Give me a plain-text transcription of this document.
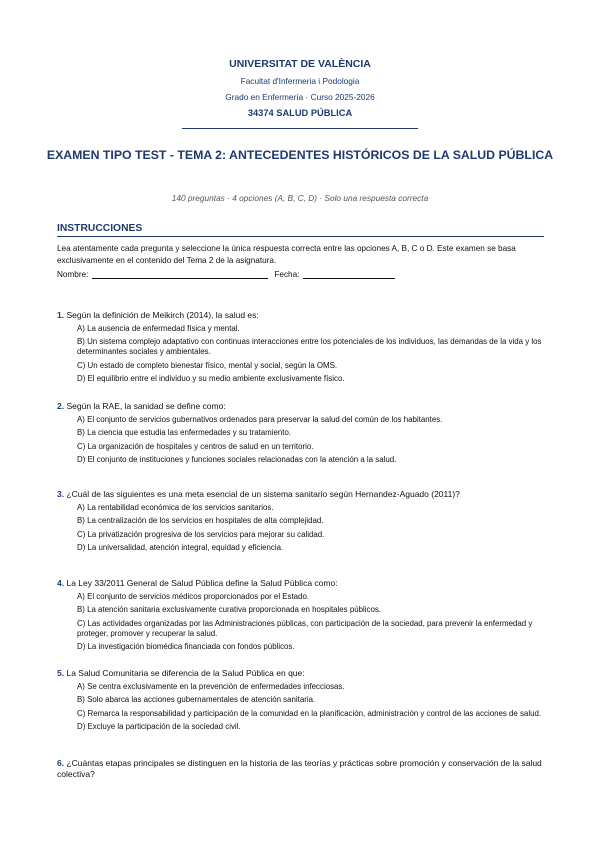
UNIVERSITAT DE VALÈNCIA
Facultat d'Infermeria i Podologia
Grado en Enfermería · Curso 2025-2026
34374 SALUD PÚBLICA
EXAMEN TIPO TEST - TEMA 2: ANTECEDENTES HISTÓRICOS DE LA SALUD PÚBLICA
140 preguntas · 4 opciones (A, B, C, D) · Solo una respuesta correcta
INSTRUCCIONES
Lea atentamente cada pregunta y seleccione la única respuesta correcta entre las opciones A, B, C o D. Este examen se basa exclusivamente en el contenido del Tema 2 de la asignatura.
Nombre:	Fecha:
1. Según la definición de Meikirch (2014), la salud es:
A) La ausencia de enfermedad física y mental.
B) Un sistema complejo adaptativo con continuas interacciones entre los potenciales de los individuos, las demandas de la vida y los determinantes sociales y ambientales.
C) Un estado de completo bienestar físico, mental y social, según la OMS.
D) El equilibrio entre el individuo y su medio ambiente exclusivamente físico.
2. Según la RAE, la sanidad se define como:
A) El conjunto de servicios gubernativos ordenados para preservar la salud del común de los habitantes.
B) La ciencia que estudia las enfermedades y su tratamiento.
C) La organización de hospitales y centros de salud en un territorio.
D) El conjunto de instituciones y funciones sociales relacionadas con la atención a la salud.
3. ¿Cuál de las siguientes es una meta esencial de un sistema sanitario según Hernandez-Aguado (2011)?
A) La rentabilidad económica de los servicios sanitarios.
B) La centralización de los servicios en hospitales de alta complejidad.
C) La privatización progresiva de los servicios para mejorar su calidad.
D) La universalidad, atención integral, equidad y eficiencia.
4. La Ley 33/2011 General de Salud Pública define la Salud Pública como:
A) El conjunto de servicios médicos proporcionados por el Estado.
B) La atención sanitaria exclusivamente curativa proporcionada en hospitales públicos.
C) Las actividades organizadas por las Administraciones públicas, con participación de la sociedad, para prevenir la enfermedad y proteger, promover y recuperar la salud.
D) La investigación biomédica financiada con fondos públicos.
5. La Salud Comunitaria se diferencia de la Salud Pública en que:
A) Se centra exclusivamente en la prevención de enfermedades infecciosas.
B) Solo abarca las acciones gubernamentales de atención sanitaria.
C) Remarca la responsabilidad y participación de la comunidad en la planificación, administración y control de las acciones de salud.
D) Excluye la participación de la sociedad civil.
6. ¿Cuántas etapas principales se distinguen en la historia de las teorías y prácticas sobre promoción y conservación de la salud colectiva?
